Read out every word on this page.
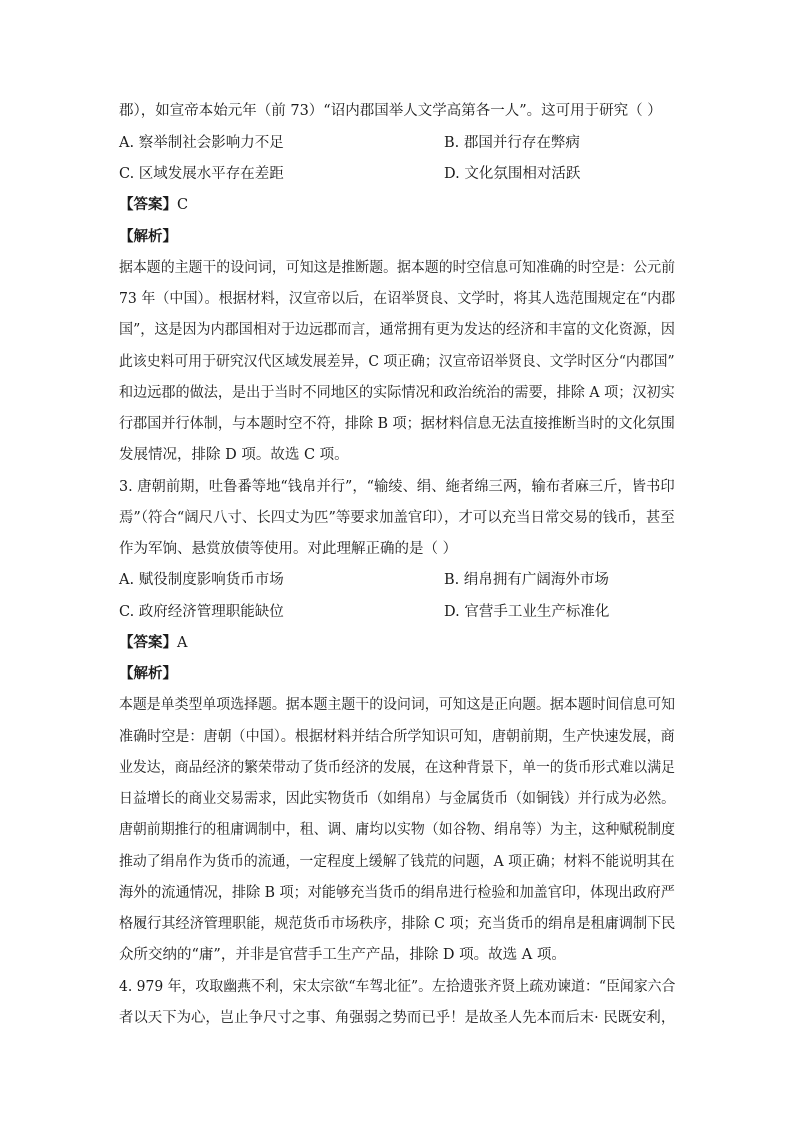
郡），如宣帝本始元年（前 73）“诏内郡国举人文学高第各一人”。这可用于研究（ ）
A. 察举制社会影响力不足	B. 郡国并行存在弊病
C. 区域发展水平存在差距	D. 文化氛围相对活跃
【答案】C
【解析】
据本题的主题干的设问词，可知这是推断题。据本题的时空信息可知准确的时空是：公元前
73 年（中国）。根据材料，汉宣帝以后，在诏举贤良、文学时，将其人选范围规定在“内郡
国”，这是因为内郡国相对于边远郡而言，通常拥有更为发达的经济和丰富的文化资源，因
此该史料可用于研究汉代区域发展差异，C 项正确；汉宣帝诏举贤良、文学时区分“内郡国”
和边远郡的做法，是出于当时不同地区的实际情况和政治统治的需要，排除 A 项；汉初实
行郡国并行体制，与本题时空不符，排除 B 项；据材料信息无法直接推断当时的文化氛围
发展情况，排除 D 项。故选 C 项。
3. 唐朝前期，吐鲁番等地“钱帛并行”，“输绫、绢、絁者绵三两，输布者麻三斤，皆书印
焉”（符合“阔尺八寸、长四丈为匹”等要求加盖官印），才可以充当日常交易的钱币，甚至
作为军饷、悬赏放债等使用。对此理解正确的是（ ）
A. 赋役制度影响货币市场	B. 绢帛拥有广阔海外市场
C. 政府经济管理职能缺位	D. 官营手工业生产标准化
【答案】A
【解析】
本题是单类型单项选择题。据本题主题干的设问词，可知这是正向题。据本题时间信息可知
准确时空是：唐朝（中国）。根据材料并结合所学知识可知，唐朝前期，生产快速发展，商
业发达，商品经济的繁荣带动了货币经济的发展，在这种背景下，单一的货币形式难以满足
日益增长的商业交易需求，因此实物货币（如绢帛）与金属货币（如铜钱）并行成为必然。
唐朝前期推行的租庸调制中，租、调、庸均以实物（如谷物、绢帛等）为主，这种赋税制度
推动了绢帛作为货币的流通，一定程度上缓解了钱荒的问题，A 项正确；材料不能说明其在
海外的流通情况，排除 B 项；对能够充当货币的绢帛进行检验和加盖官印，体现出政府严
格履行其经济管理职能，规范货币市场秩序，排除 C 项；充当货币的绢帛是租庸调制下民
众所交纳的“庸”，并非是官营手工生产产品，排除 D 项。故选 A 项。
4. 979 年，攻取幽燕不利，宋太宗欲“车驾北征”。左拾遗张齐贤上疏劝谏道：“臣闻家六合
者以天下为心，岂止争尺寸之事、角强弱之势而已乎！是故圣人先本而后末· 民既安利，
